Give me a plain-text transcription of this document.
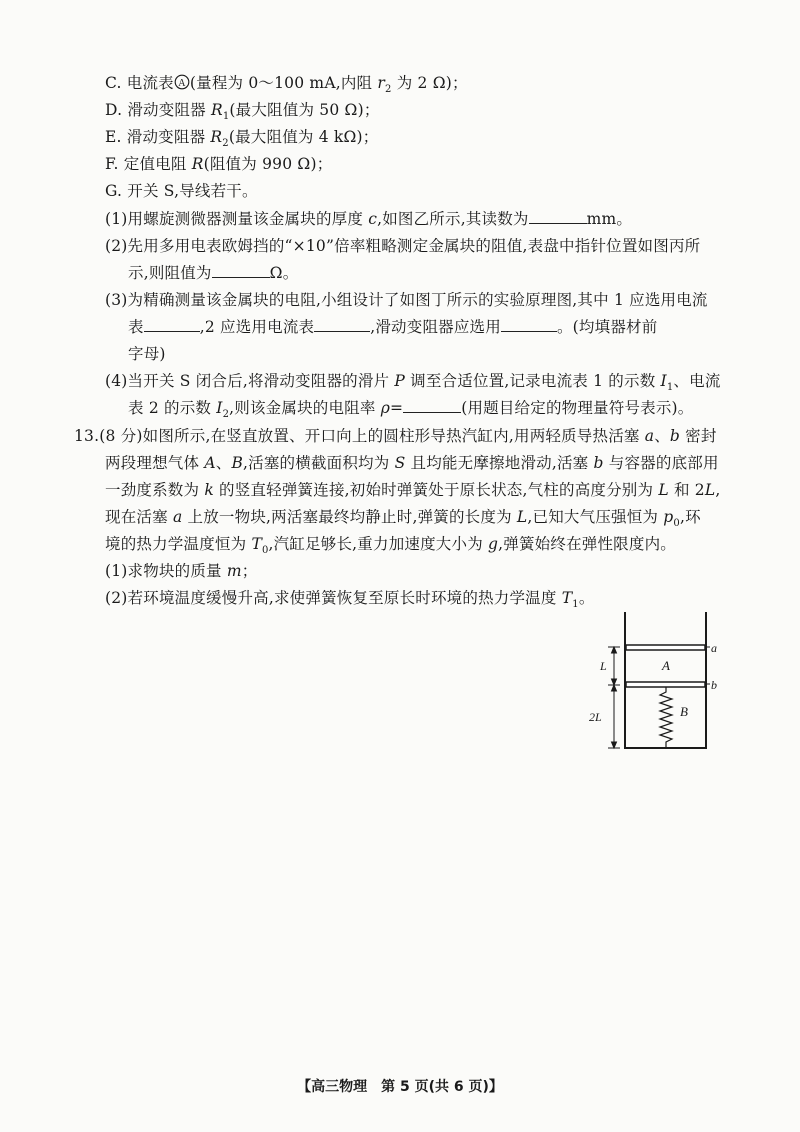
C. 电流表 A (量程为 0～100 mA,内阻 $r_2$ 为 2 Ω)；
D. 滑动变阻器 $R_1$(最大阻值为 50 Ω)；
E. 滑动变阻器 $R_2$(最大阻值为 4 kΩ)；
F. 定值电阻 R(阻值为 990 Ω)；
G. 开关 S,导线若干。
(1)用螺旋测微器测量该金属块的厚度 c,如图乙所示,其读数为	mm。
(2)先用多用电表欧姆挡的“×10”倍率粗略测定金属块的阻值,表盘中指针位置如图丙所
示,则阻值为	Ω。
(3)为精确测量该金属块的电阻,小组设计了如图丁所示的实验原理图,其中 1 应选用电流
表	,2 应选用电流表	,滑动变阻器应选用	。(均填器材前
字母)
(4)当开关 S 闭合后,将滑动变阻器的滑片 P 调至合适位置,记录电流表 1 的示数 $I_1$、电流
表 2 的示数 $I_2$,则该金属块的电阻率 ρ=	(用题目给定的物理量符号表示)。
13.(8 分)如图所示,在竖直放置、开口向上的圆柱形导热汽缸内,用两轻质导热活塞 a、b 密封
两段理想气体 A、B,活塞的横截面积均为 S 且均能无摩擦地滑动,活塞 b 与容器的底部用
一劲度系数为 k 的竖直轻弹簧连接,初始时弹簧处于原长状态,气柱的高度分别为 L 和 2L,
现在活塞 a 上放一物块,两活塞最终均静止时,弹簧的长度为 L,已知大气压强恒为 $p_0$,环
境的热力学温度恒为 $T_0$,汽缸足够长,重力加速度大小为 g,弹簧始终在弹性限度内。
(1)求物块的质量 m；
(2)若环境温度缓慢升高,求使弹簧恢复至原长时环境的热力学温度 $T_1$。
a
b
A
B
L
2L
【高三物理　第 5 页(共 6 页)】
